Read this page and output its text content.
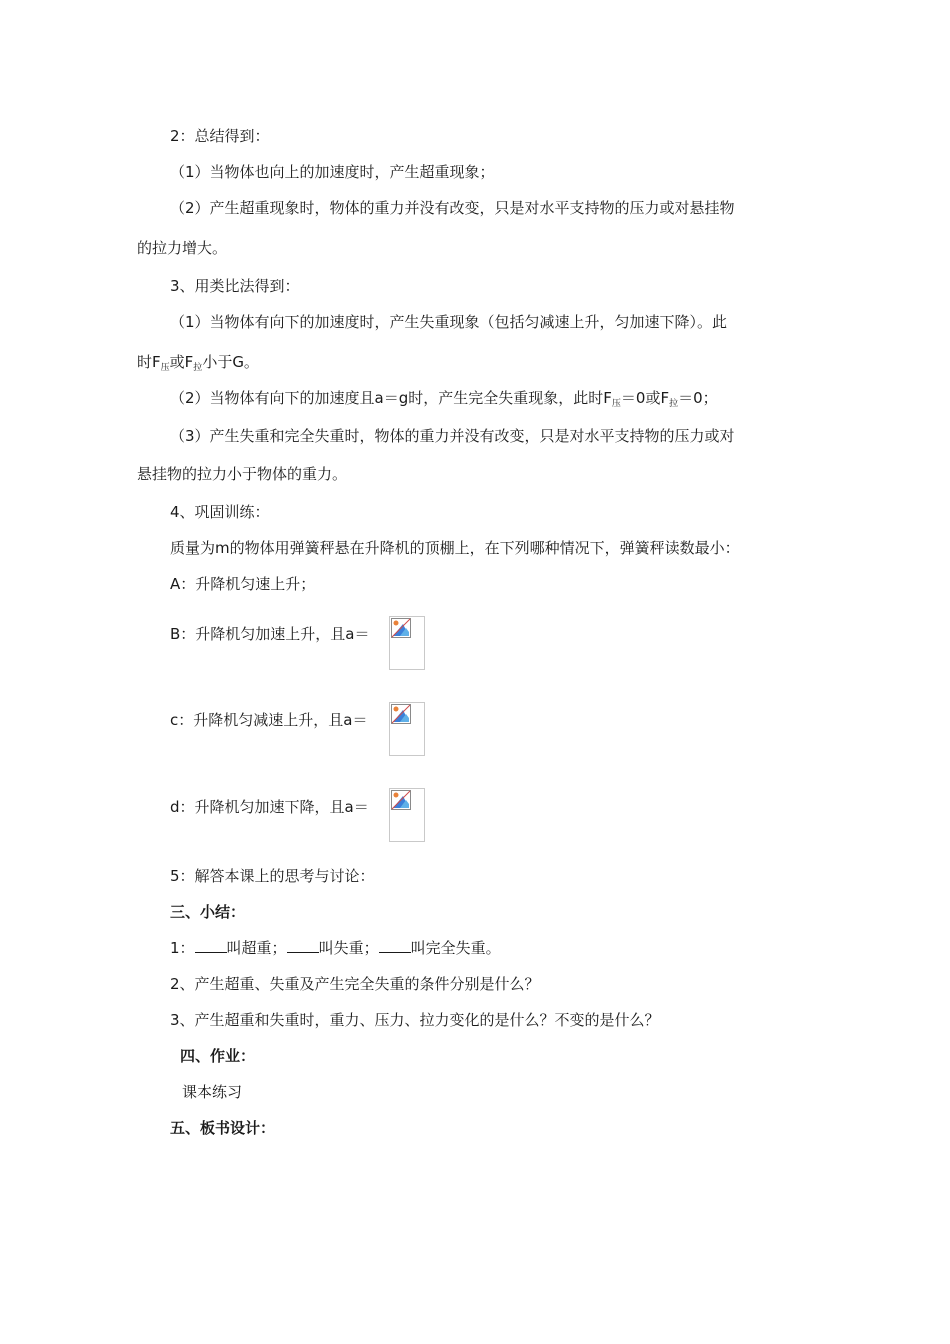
2：总结得到：
（1）当物体也向上的加速度时，产生超重现象；
（2）产生超重现象时，物体的重力并没有改变，只是对水平支持物的压力或对悬挂物
的拉力增大。
3、用类比法得到：
（1）当物体有向下的加速度时，产生失重现象（包括匀减速上升，匀加速下降）。此
时$F_压$或$F_拉$小于G。
（2）当物体有向下的加速度且a＝g时，产生完全失重现象，此时$F_压=0$或$F_拉=0$；
（3）产生失重和完全失重时，物体的重力并没有改变，只是对水平支持物的压力或对
悬挂物的拉力小于物体的重力。
4、巩固训练：
质量为m的物体用弹簧秤悬在升降机的顶棚上，在下列哪种情况下，弹簧秤读数最小：
A：升降机匀速上升；
B：升降机匀加速上升，且a＝
c：升降机匀减速上升，且a＝
d：升降机匀加速下降，且a＝
5：解答本课上的思考与讨论：
三、小结：
1： 叫超重； 叫失重； 叫完全失重。
2、产生超重、失重及产生完全失重的条件分别是什么？
3、产生超重和失重时，重力、压力、拉力变化的是什么？不变的是什么？
四、作业：
课本练习
五、板书设计：
